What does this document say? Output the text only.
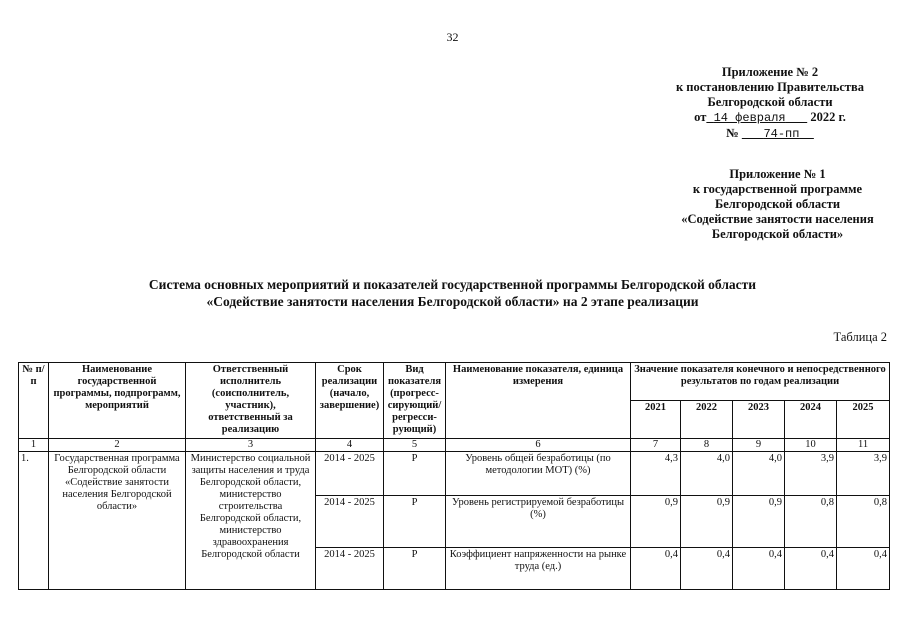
32
Приложение № 2
к постановлению Правительства
Белгородской области
от 14 февраля 2022 г.
№ 74-пп
Приложение № 1
к государственной программе
Белгородской области
«Содействие занятости населения
Белгородской области»
Система основных мероприятий и показателей государственной программы Белгородской области
«Содействие занятости населения Белгородской области» на 2 этапе реализации
Таблица 2
№ п/п	Наименование государственной программы, подпрограмм, мероприятий	Ответственный исполнитель (соисполнитель, участник), ответственный за реализацию	Срок реализации (начало, завершение)	Вид показателя (прогресс-сирующий/ регресси-рующий)	Наименование показателя, единица измерения	Значение показателя конечного и непосредственного результатов по годам реализации				
						2021	2022	2023	2024	2025
1	2	3	4	5	6	7	8	9	10	11
1.	Государственная программа Белгородской области «Содействие занятости населения Белгородской области»	Министерство социальной защиты населения и труда Белгородской области, министерство строительства Белгородской области, министерство здравоохранения Белгородской области	2014 - 2025	Р	Уровень общей безработицы (по методологии МОТ) (%)	4,3	4,0	4,0	3,9	3,9
			2014 - 2025	Р	Уровень регистрируемой безработицы (%)	0,9	0,9	0,9	0,8	0,8
			2014 - 2025	Р	Коэффициент напряженности на рынке труда (ед.)	0,4	0,4	0,4	0,4	0,4
